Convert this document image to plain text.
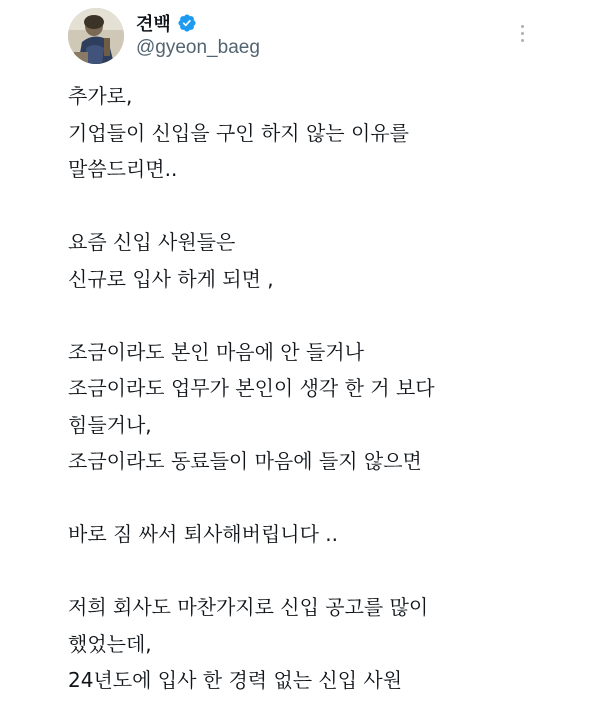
견백
@gyeon_baeg
추가로,
기업들이 신입을 구인 하지 않는 이유를
말씀드리면..
요즘 신입 사원들은
신규로 입사 하게 되면 ,
조금이라도 본인 마음에 안 들거나
조금이라도 업무가 본인이 생각 한 거 보다
힘들거나,
조금이라도 동료들이 마음에 들지 않으면
바로 짐 싸서 퇴사해버립니다 ..
저희 회사도 마찬가지로 신입 공고를 많이
했었는데,
24년도에 입사 한 경력 없는 신입 사원
